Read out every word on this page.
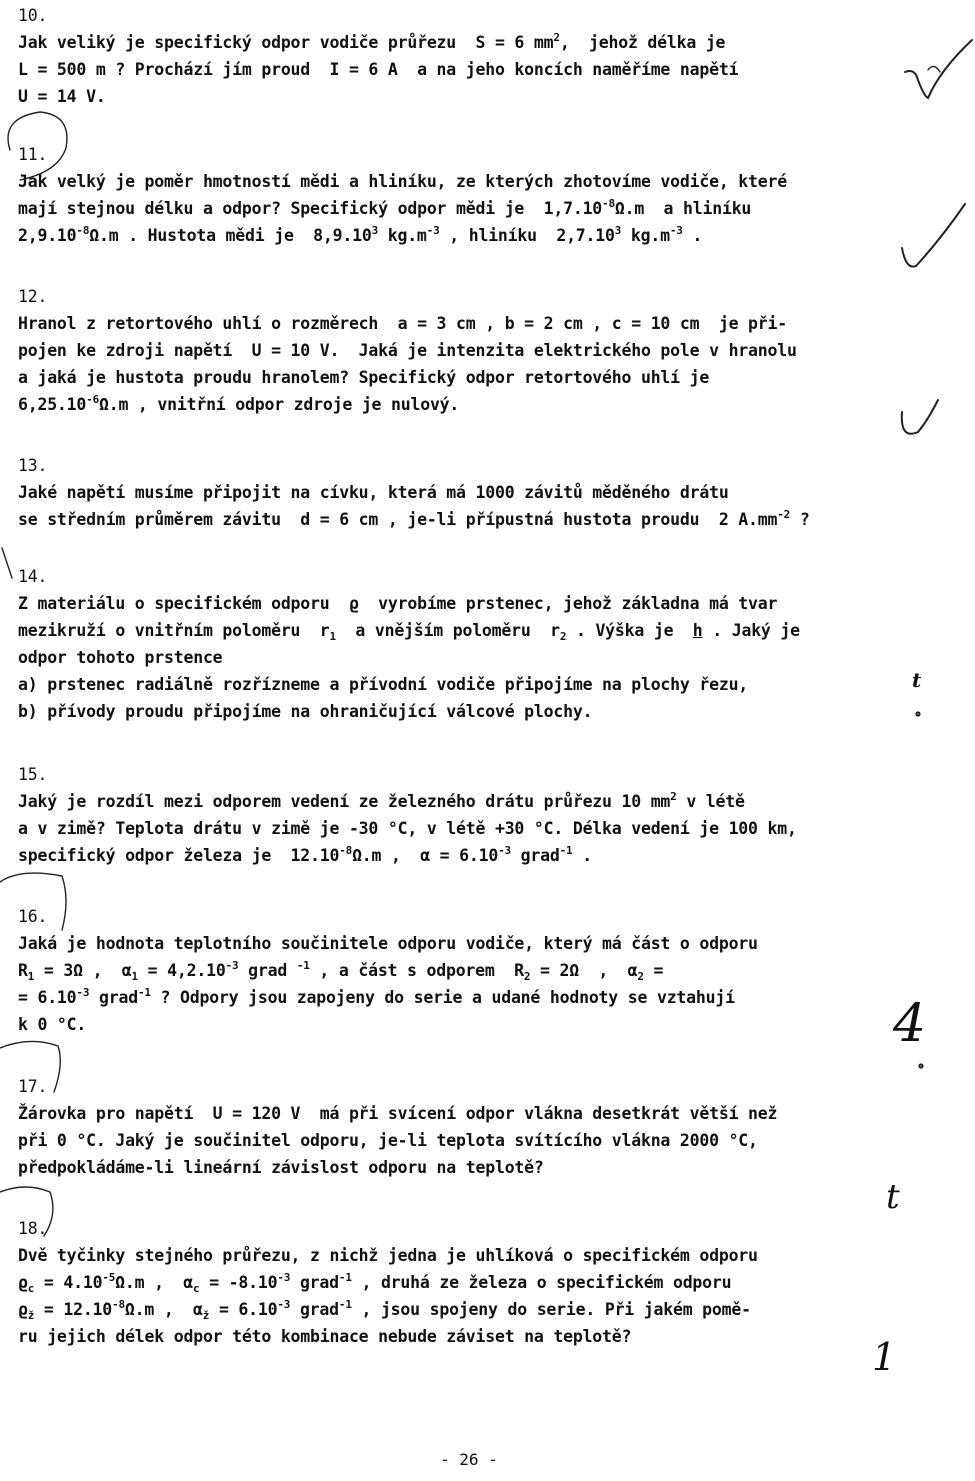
10.
Jak veliký je specifický odpor vodiče průřezu  S = 6 $mm^2$,  jehož délka je
L = 500 m ? Prochází jím proud  I = 6 A  a na jeho koncích naměříme napětí
U = 14 V.
11.
Jak velký je poměr hmotností mědi a hliníku, ze kterých zhotovíme vodiče, které
mají stejnou délku a odpor? Specifický odpor mědi je  $1,7.10^{-8}\Omega.m$  a hliníku
$2,9.10^{-8}\Omega.m$ . Hustota mědi je  8,9.10$^3$ $kg.m^{-3}$ , hliníku  2,7.10$^3$ $kg.m^{-3}$ .
12.
Hranol z retortového uhlí o rozměrech  a = 3 cm , b = 2 cm , c = 10 cm  je při-
pojen ke zdroji napětí  U = 10 V.  Jaká je intenzita elektrického pole v hranolu
a jaká je hustota proudu hranolem? Specifický odpor retortového uhlí je
$6,25.10^{-6}\Omega.m$ , vnitřní odpor zdroje je nulový.
13.
Jaké napětí musíme připojit na cívku, která má 1000 závitů měděného drátu
se středním průměrem závitu  d = 6 cm , je-li přípustná hustota proudu  2 $A.mm^{-2}$ ?
14.
Z materiálu o specifickém odporu  ϱ  vyrobíme prstenec, jehož základna má tvar
mezikruží o vnitřním poloměru  $r_1$  a vnějším poloměru  $r_2$ . Výška je  h . Jaký je
odpor tohoto prstence
a) prstenec radiálně rozřízneme a přívodní vodiče připojíme na plochy řezu,
b) přívody proudu připojíme na ohraničující válcové plochy.
15.
Jaký je rozdíl mezi odporem vedení ze železného drátu průřezu 10 $mm^2$ v létě
a v zimě? Teplota drátu v zimě je -30 °C, v létě +30 °C. Délka vedení je 100 km,
specifický odpor železa je  $12.10^{-8}\Omega.m$ ,  $\alpha = 6.10^{-3}$ grad$^{-1}$ .
16.
Jaká je hodnota teplotního součinitele odporu vodiče, který má část o odporu
$R_1 = 3\Omega$ ,  $\alpha_1 = 4,2.10^{-3}$ grad $^{-1}$ , a část s odporem  $R_2 = 2\Omega$  ,  $\alpha_2$ =
= $6.10^{-3}$ grad$^{-1}$ ? Odpory jsou zapojeny do serie a udané hodnoty se vztahují
k 0 °C.
17.
Žárovka pro napětí  U = 120 V  má při svícení odpor vlákna desetkrát větší než
při 0 °C. Jaký je součinitel odporu, je-li teplota svítícího vlákna 2000 °C,
předpokládáme-li lineární závislost odporu na teplotě?
18.
Dvě tyčinky stejného průřezu, z nichž jedna je uhlíková o specifickém odporu
$ϱ_c = 4.10^{-5}\Omega.m$ ,  $\alpha_c = -8.10^{-3}$ grad$^{-1}$ , druhá ze železa o specifickém odporu
$ϱ_ž = 12.10^{-8}\Omega.m$ ,  $\alpha_ž = 6.10^{-3}$ grad$^{-1}$ , jsou spojeny do serie. Při jakém pomě-
ru jejich délek odpor této kombinace nebude záviset na teplotě?
- 26 -
t
4
t
1
